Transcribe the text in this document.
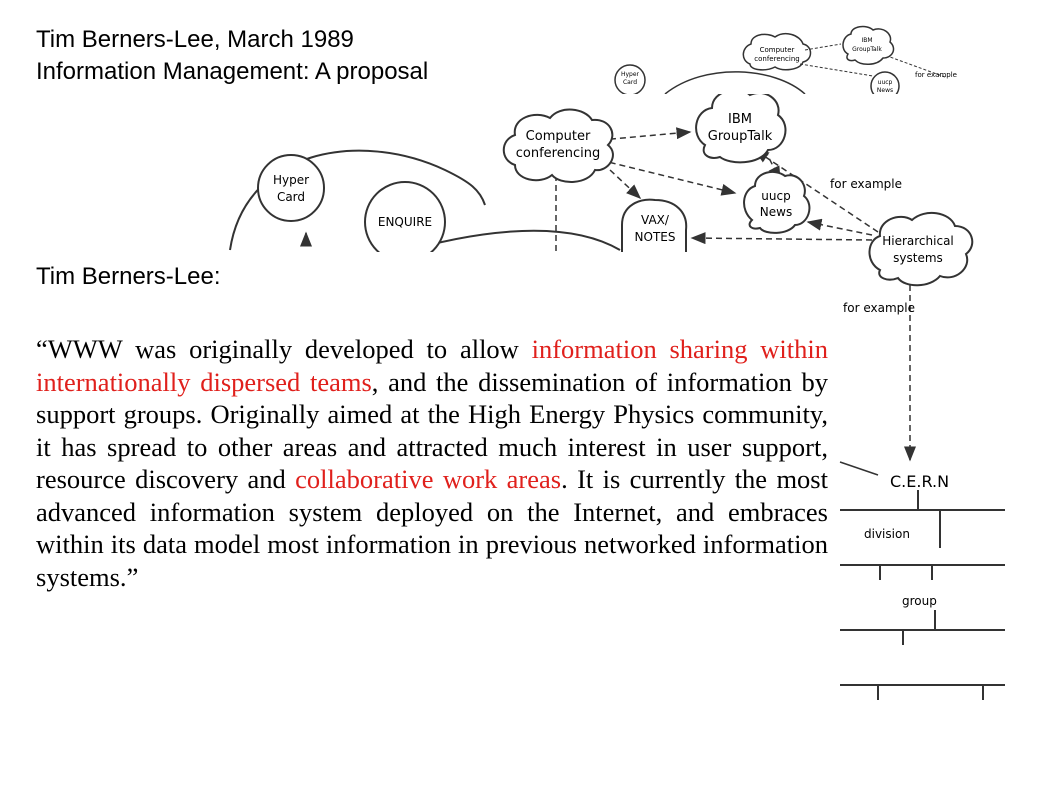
Computer
conferencing
IBM
GroupTalk
uucp
News
VAX/
NOTES
Hyper
Card
ENQUIRE
Hierarchical
systems
for example
for example
C.E.R.N
division
group
Hyper
Card
Computer
conferencing
IBM
GroupTalk
uucp
News
for example
Tim Berners-Lee, March 1989
Information Management: A proposal
Tim Berners-Lee:
“WWW was originally developed to allow information sharing within internationally dispersed teams, and the dissemination of information by support groups. Originally aimed at the High Energy Physics community, it has spread to other areas and attracted much interest in user support, resource discovery and collaborative work areas. It is currently the most advanced information system deployed on the Internet, and embraces within its data model most information in previous networked information systems.”
